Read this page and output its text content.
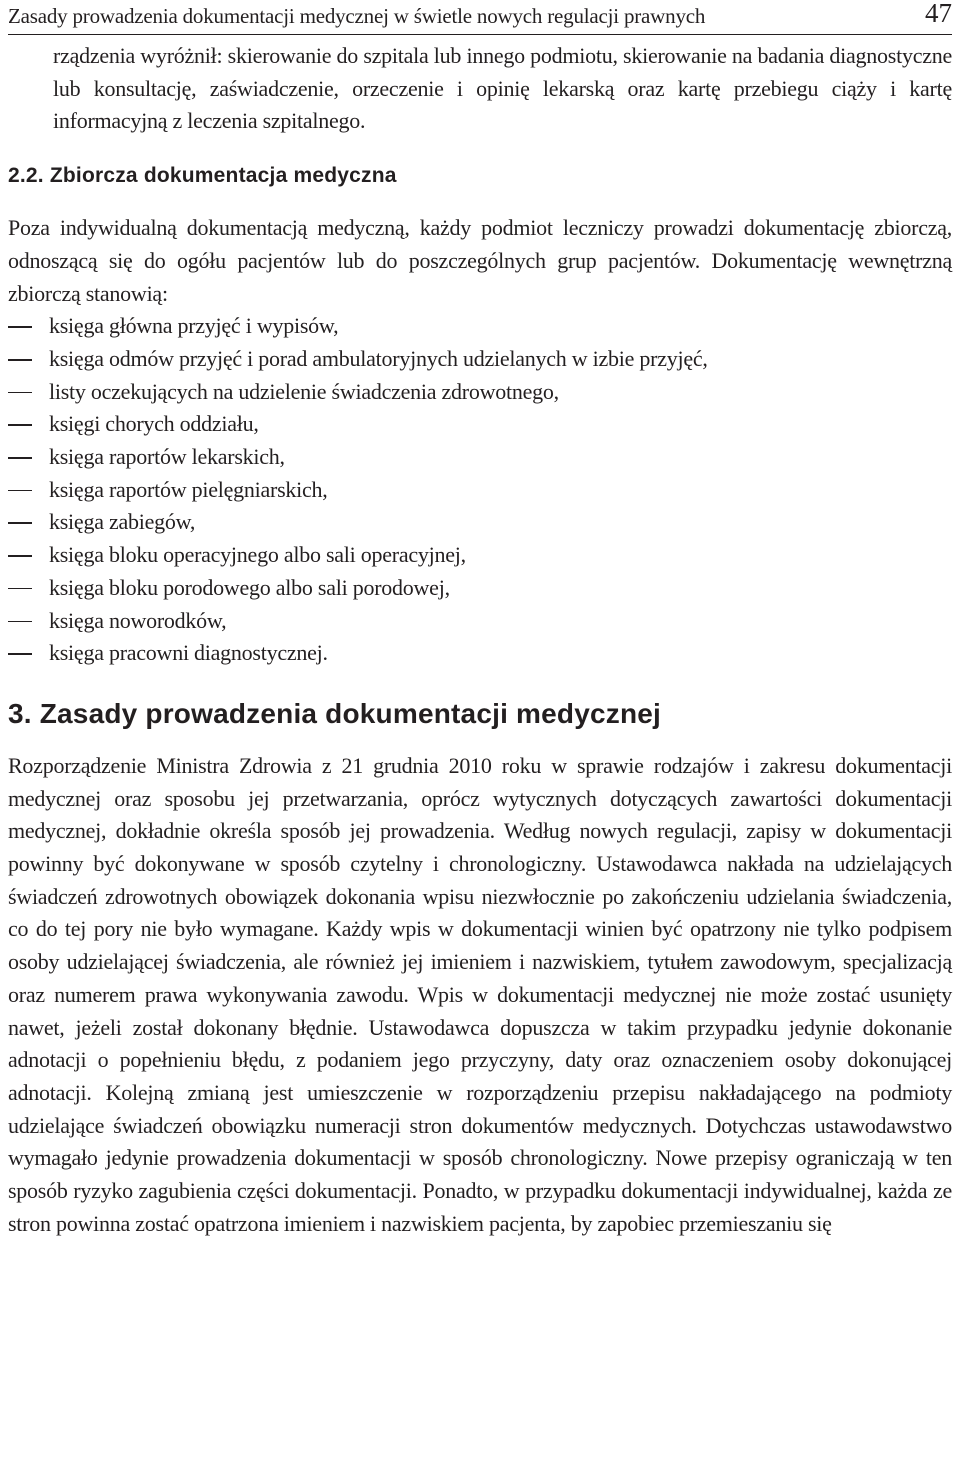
Zasady prowadzenia dokumentacji medycznej w świetle nowych regulacji prawnych	47

rządzenia wyróżnił: skierowanie do szpitala lub innego podmiotu, skierowanie na badania diagnostyczne lub konsultację, zaświadczenie, orzeczenie i opinię lekarską oraz kartę przebiegu ciąży i kartę informacyjną z leczenia szpitalnego.

2.2. Zbiorcza dokumentacja medyczna

Poza indywidualną dokumentacją medyczną, każdy podmiot leczniczy prowadzi dokumentację zbiorczą, odnoszącą się do ogółu pacjentów lub do poszczególnych grup pacjentów. Dokumentację wewnętrzną zbiorczą stanowią:

księga główna przyjęć i wypisów,
księga odmów przyjęć i porad ambulatoryjnych udzielanych w izbie przyjęć,
listy oczekujących na udzielenie świadczenia zdrowotnego,
księgi chorych oddziału,
księga raportów lekarskich,
księga raportów pielęgniarskich,
księga zabiegów,
księga bloku operacyjnego albo sali operacyjnej,
księga bloku porodowego albo sali porodowej,
księga noworodków,
księga pracowni diagnostycznej.
3. Zasady prowadzenia dokumentacji medycznej

Rozporządzenie Ministra Zdrowia z 21 grudnia 2010 roku w sprawie rodzajów i zakresu dokumentacji medycznej oraz sposobu jej przetwarzania, oprócz wytycznych dotyczących zawartości dokumentacji medycznej, dokładnie określa sposób jej prowadzenia. Według nowych regulacji, zapisy w dokumentacji powinny być dokonywane w sposób czytelny i chronologiczny. Ustawodawca nakłada na udzielających świadczeń zdrowotnych obowiązek dokonania wpisu niezwłocznie po zakończeniu udzielania świadczenia, co do tej pory nie było wymagane. Każdy wpis w dokumentacji winien być opatrzony nie tylko podpisem osoby udzielającej świadczenia, ale również jej imieniem i nazwiskiem, tytułem zawodowym, specjalizacją oraz numerem prawa wykonywania zawodu. Wpis w dokumentacji medycznej nie może zostać usunięty nawet, jeżeli został dokonany błędnie. Ustawodawca dopuszcza w takim przypadku jedynie dokonanie adnotacji o popełnieniu błędu, z podaniem jego przyczyny, daty oraz oznaczeniem osoby dokonującej adnotacji. Kolejną zmianą jest umieszczenie w rozporządzeniu przepisu nakładającego na podmioty udzielające świadczeń obowiązku numeracji stron dokumentów medycznych. Dotychczas ustawodawstwo wymagało jedynie prowadzenia dokumentacji w sposób chronologiczny. Nowe przepisy ograniczają w ten sposób ryzyko zagubienia części dokumentacji. Ponadto, w przypadku dokumentacji indywidualnej, każda ze stron powinna zostać opatrzona imieniem i nazwiskiem pacjenta, by zapobiec przemieszaniu się
